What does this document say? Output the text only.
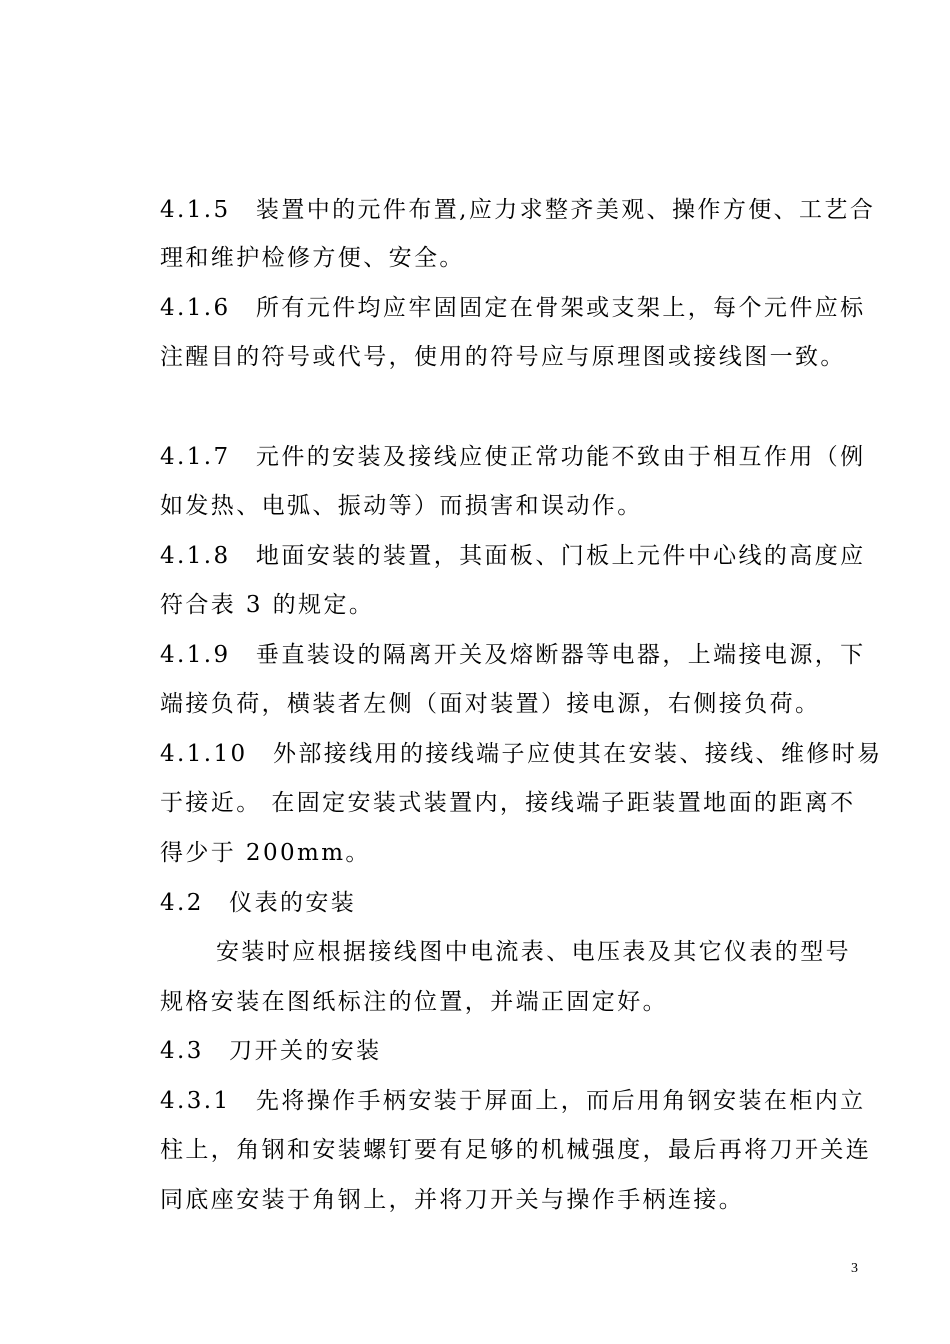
4.1.5　装置中的元件布置,应力求整齐美观、操作方便、工艺合
理和维护检修方便、安全。
4.1.6　所有元件均应牢固固定在骨架或支架上，每个元件应标
注醒目的符号或代号，使用的符号应与原理图或接线图一致。
4.1.7　元件的安装及接线应使正常功能不致由于相互作用（例
如发热、电弧、振动等）而损害和误动作。
4.1.8　地面安装的装置，其面板、门板上元件中心线的高度应
符合表 3 的规定。
4.1.9　垂直装设的隔离开关及熔断器等电器，上端接电源，下
端接负荷，横装者左侧（面对装置）接电源，右侧接负荷。
4.1.10　外部接线用的接线端子应使其在安装、接线、维修时易
于接近。 在固定安装式装置内，接线端子距装置地面的距离不
得少于 200mm。
4.2　仪表的安装
安装时应根据接线图中电流表、电压表及其它仪表的型号
规格安装在图纸标注的位置，并端正固定好。
4.3　刀开关的安装
4.3.1　先将操作手柄安装于屏面上，而后用角钢安装在柜内立
柱上，角钢和安装螺钉要有足够的机械强度，最后再将刀开关连
同底座安装于角钢上，并将刀开关与操作手柄连接。
3
